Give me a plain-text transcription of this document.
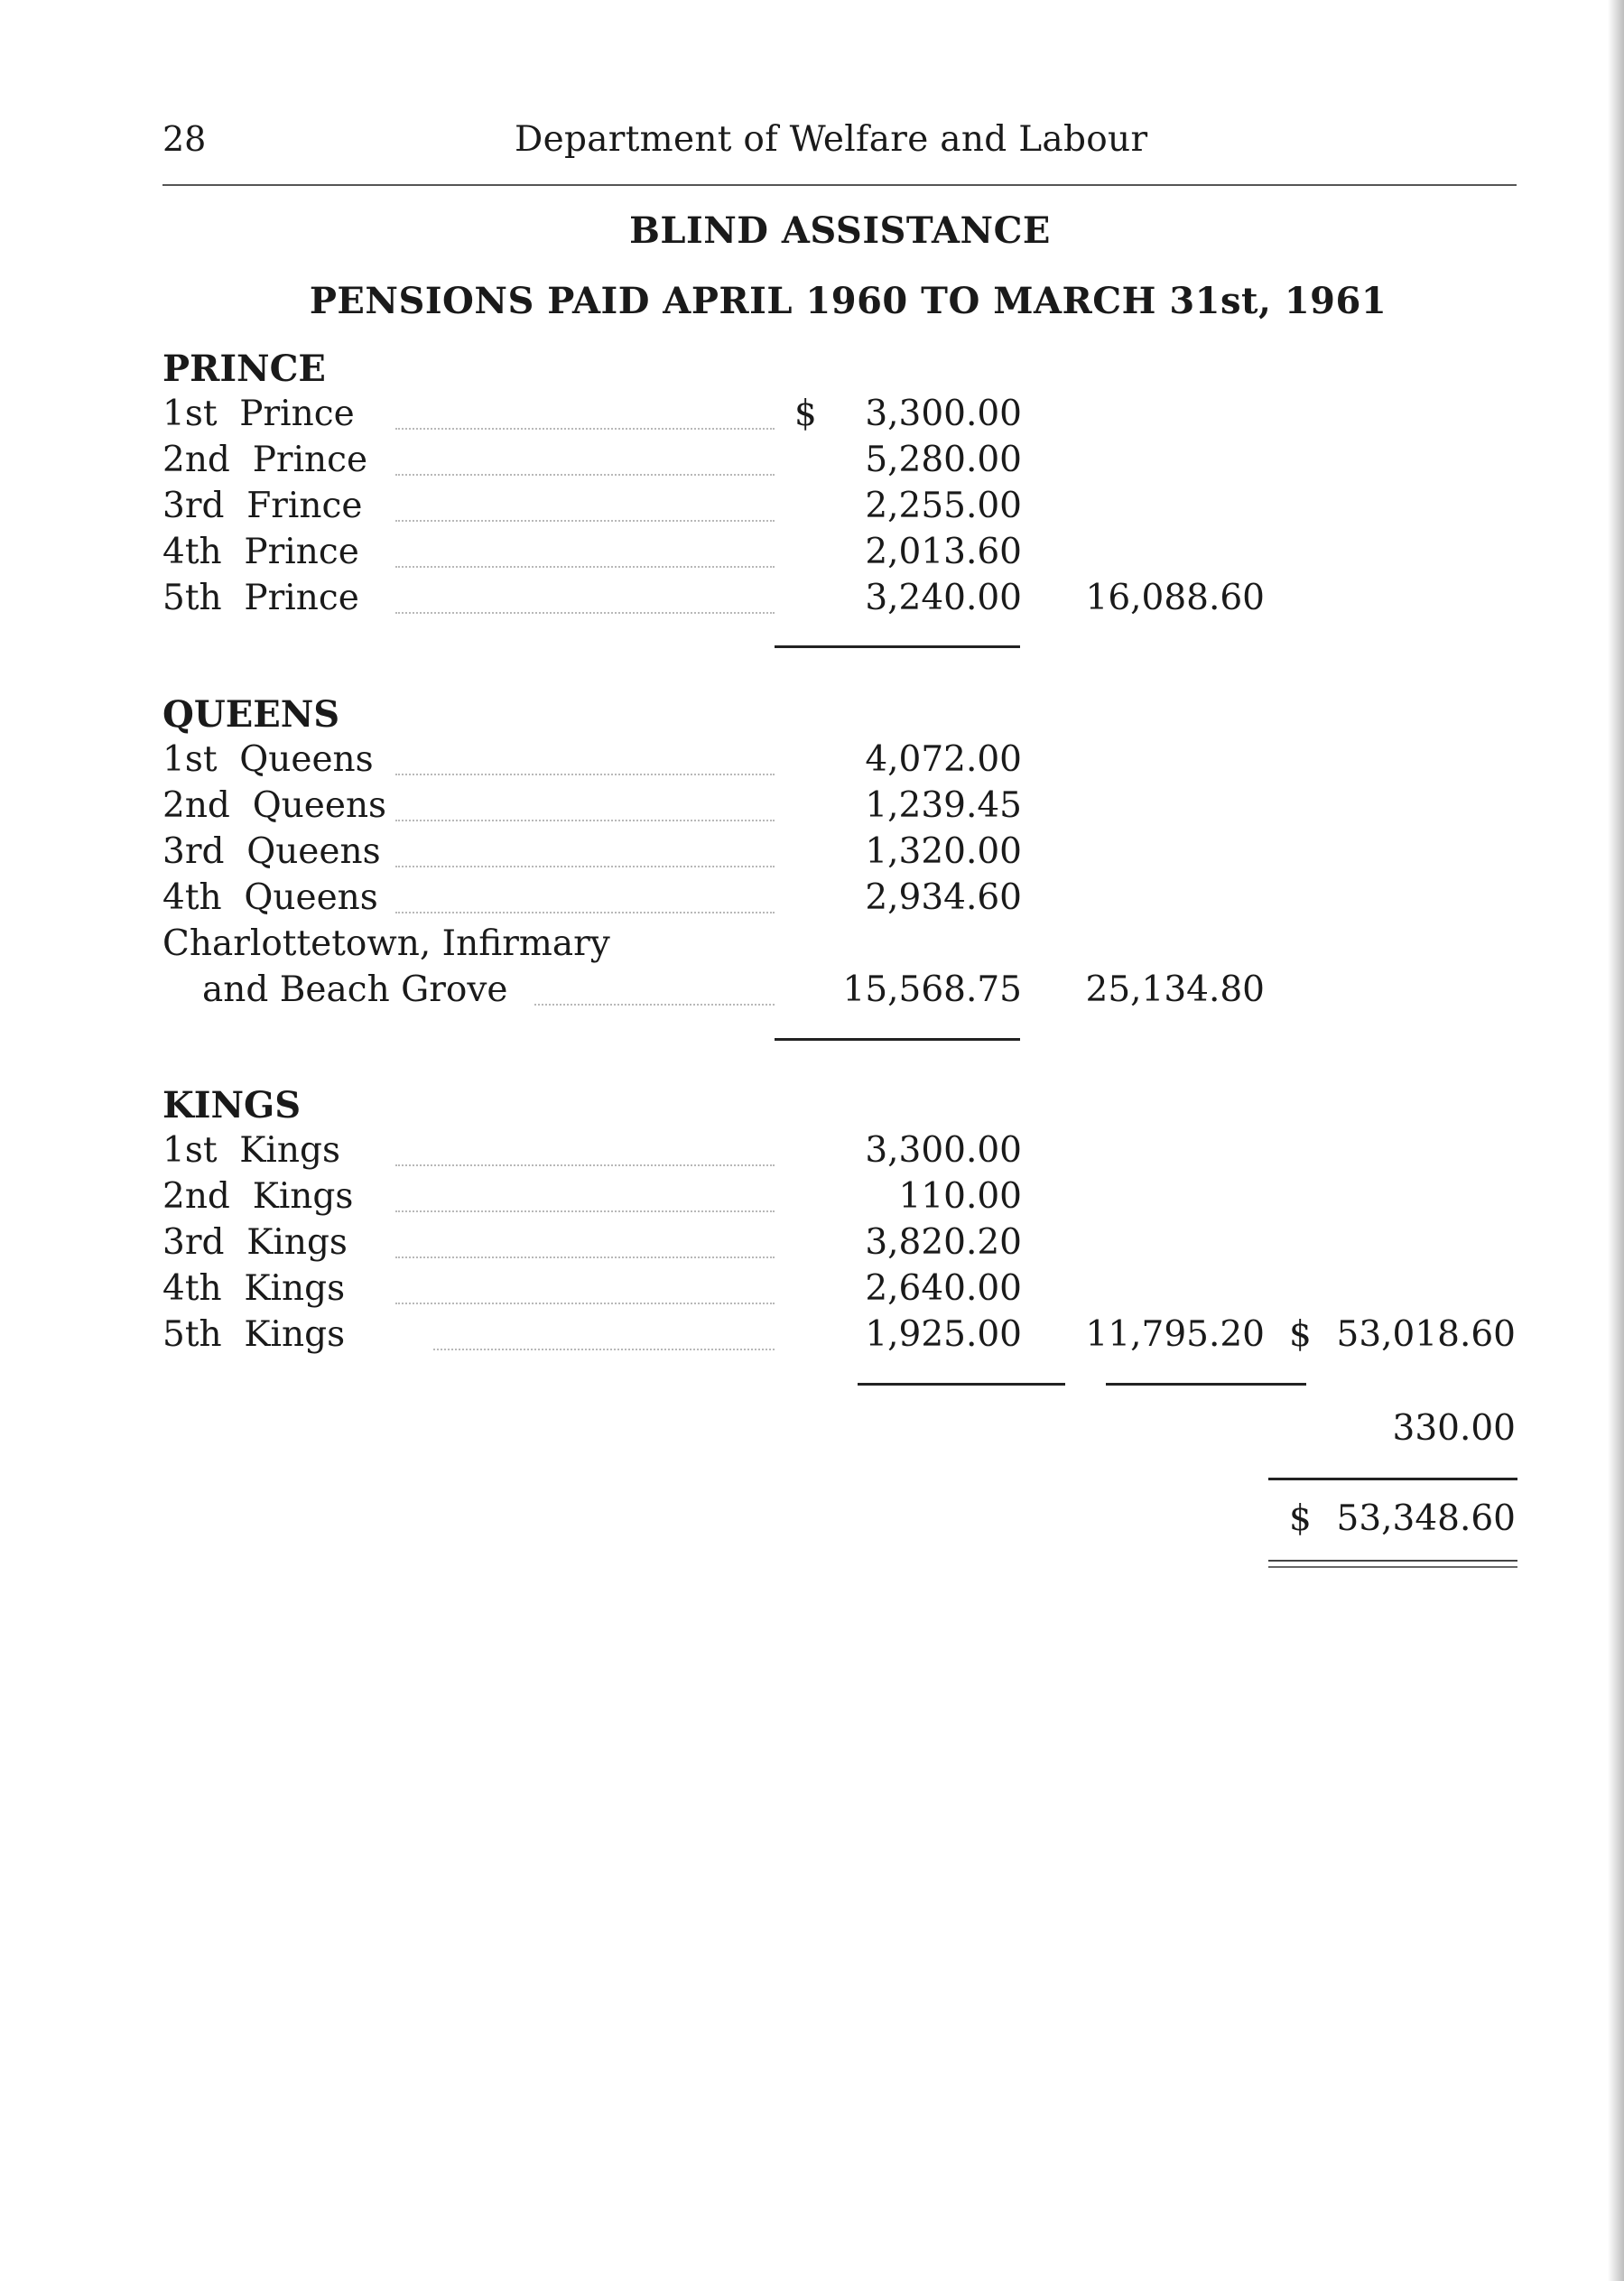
28	Department of Welfare and Labour
BLIND ASSISTANCE
PENSIONS PAID APRIL 1960 TO MARCH 31st, 1961
PRINCE
1st  Prince	$ 3,300.00
2nd  Prince	5,280.00
3rd  Frince	2,255.00
4th  Prince	2,013.60
5th  Prince	3,240.00 16,088.60
QUEENS
1st  Queens	4,072.00
2nd  Queens	1,239.45
3rd  Queens	1,320.00
4th  Queens	2,934.60
Charlottetown, Infirmary
and Beach Grove	15,568.75 25,134.80
KINGS
1st  Kings	3,300.00
2nd  Kings	110.00
3rd  Kings	3,820.20
4th  Kings	2,640.00
5th  Kings	1,925.00 11,795.20 $ 53,018.60
330.00
$ 53,348.60
